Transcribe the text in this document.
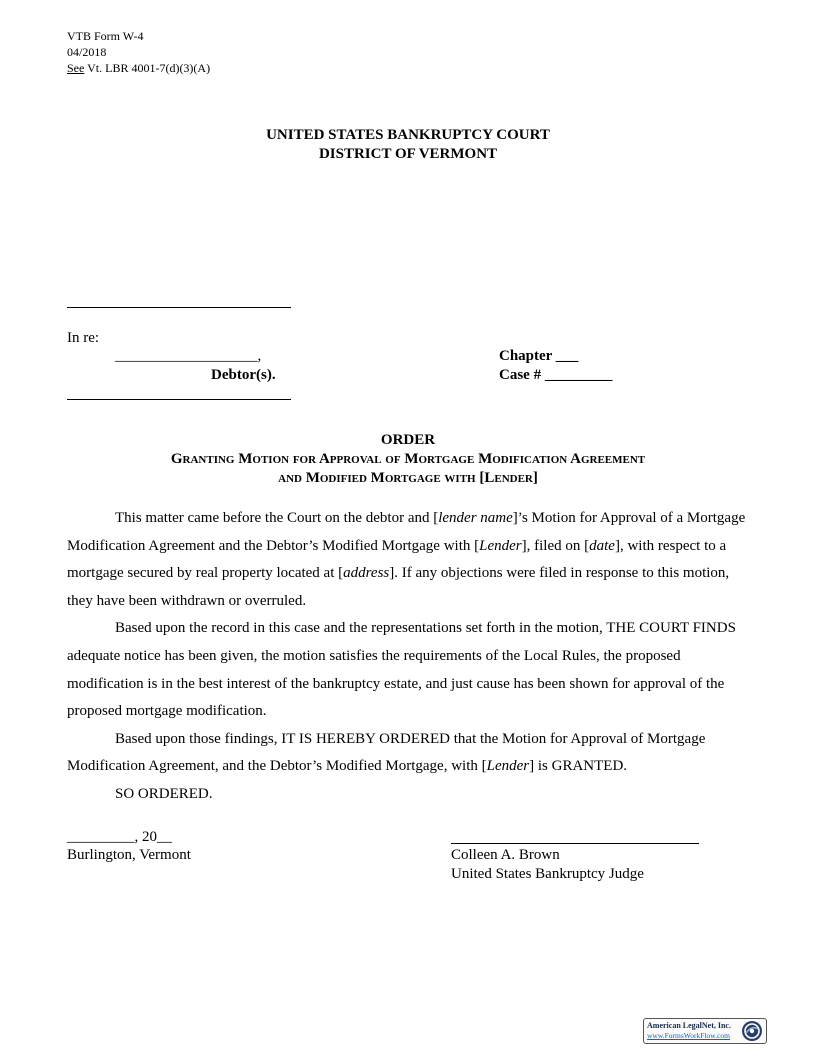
VTB Form W-4
04/2018
See Vt. LBR 4001-7(d)(3)(A)
UNITED STATES BANKRUPTCY COURT
DISTRICT OF VERMONT
In re:
___________________,
Debtor(s).
Chapter ___
Case # _________
ORDER
Granting Motion for Approval of Mortgage Modification Agreement
and Modified Mortgage with [Lender]

This matter came before the Court on the debtor and [lender name]’s Motion for Approval of a Mortgage Modification Agreement and the Debtor’s Modified Mortgage with [Lender], filed on [date], with respect to a mortgage secured by real property located at [address]. If any objections were filed in response to this motion, they have been withdrawn or overruled.

Based upon the record in this case and the representations set forth in the motion, THE COURT FINDS adequate notice has been given, the motion satisfies the requirements of the Local Rules, the proposed modification is in the best interest of the bankruptcy estate, and just cause has been shown for approval of the proposed mortgage modification.

Based upon those findings, IT IS HEREBY ORDERED that the Motion for Approval of Mortgage Modification Agreement, and the Debtor’s Modified Mortgage, with [Lender] is GRANTED.

SO ORDERED.

_________, 20__
Burlington, Vermont	Colleen A. Brown
United States Bankruptcy Judge
American LegalNet, Inc.
www.FormsWorkFlow.com
